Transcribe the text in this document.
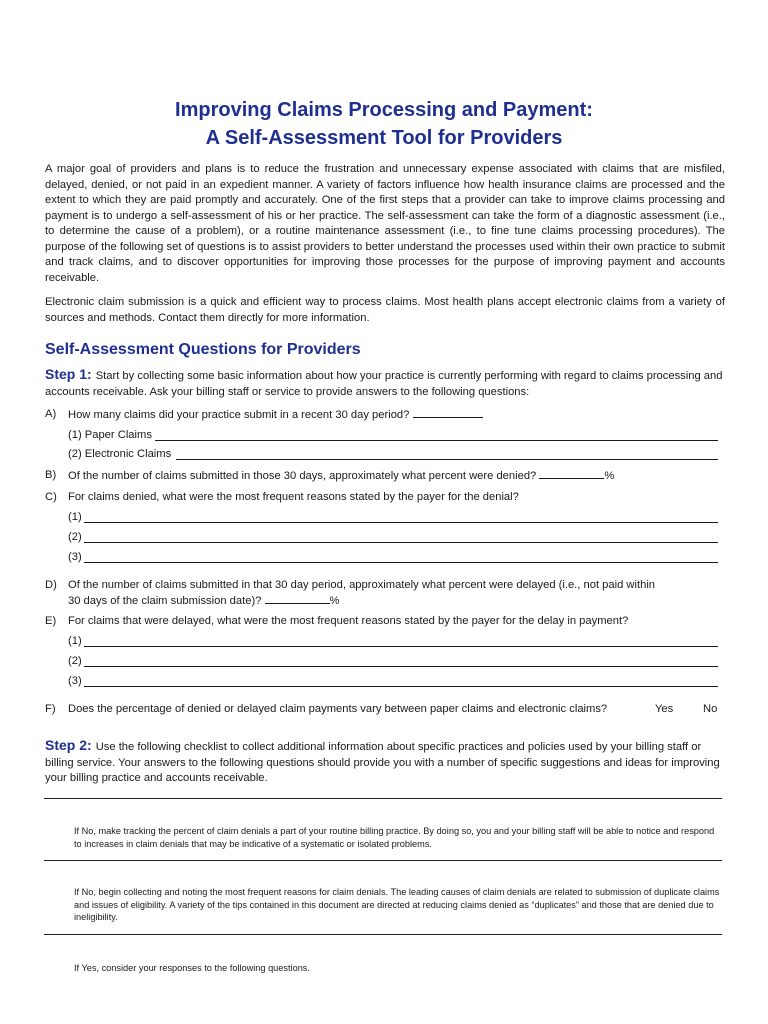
Improving Claims Processing and Payment:
A Self-Assessment Tool for Providers
A major goal of providers and plans is to reduce the frustration and unnecessary expense associated with claims that are misfiled, delayed, denied, or not paid in an expedient manner. A variety of factors influence how health insurance claims are processed and the extent to which they are paid promptly and accurately. One of the first steps that a provider can take to improve claims processing and payment is to undergo a self-assessment of his or her practice. The self-assessment can take the form of a diagnostic assessment (i.e., to determine the cause of a problem), or a routine maintenance assessment (i.e., to fine tune claims processing procedures). The purpose of the following set of questions is to assist providers to better understand the processes used within their own practice to submit and track claims, and to discover opportunities for improving those processes for the purpose of improving payment and accounts receivable.
Electronic claim submission is a quick and efficient way to process claims. Most health plans accept electronic claims from a variety of sources and methods. Contact them directly for more information.
Self-Assessment Questions for Providers
Step 1: Start by collecting some basic information about how your practice is currently performing with regard to claims processing and accounts receivable. Ask your billing staff or service to provide answers to the following questions:
A) How many claims did your practice submit in a recent 30 day period?
(1) Paper Claims
(2) Electronic Claims
B) Of the number of claims submitted in those 30 days, approximately what percent were denied?	%
C) For claims denied, what were the most frequent reasons stated by the payer for the denial?
(1)
(2)
(3)
D) Of the number of claims submitted in that 30 day period, approximately what percent were delayed (i.e., not paid within
30 days of the claim submission date)?	%
E) For claims that were delayed, what were the most frequent reasons stated by the payer for the delay in payment?
(1)
(2)
(3)
F) Does the percentage of denied or delayed claim payments vary between paper claims and electronic claims?	Yes	No
Step 2: Use the following checklist to collect additional information about specific practices and policies used by your billing staff or billing service. Your answers to the following questions should provide you with a number of specific suggestions and ideas for improving your billing practice and accounts receivable.
If No, make tracking the percent of claim denials a part of your routine billing practice. By doing so, you and your billing staff will be able to notice and respond to increases in claim denials that may be indicative of a systematic or isolated problems.
If No, begin collecting and noting the most frequent reasons for claim denials. The leading causes of claim denials are related to submission of duplicate claims and issues of eligibility. A variety of the tips contained in this document are directed at reducing claims denied as “duplicates” and those that are denied due to ineligibility.
If Yes, consider your responses to the following questions.
